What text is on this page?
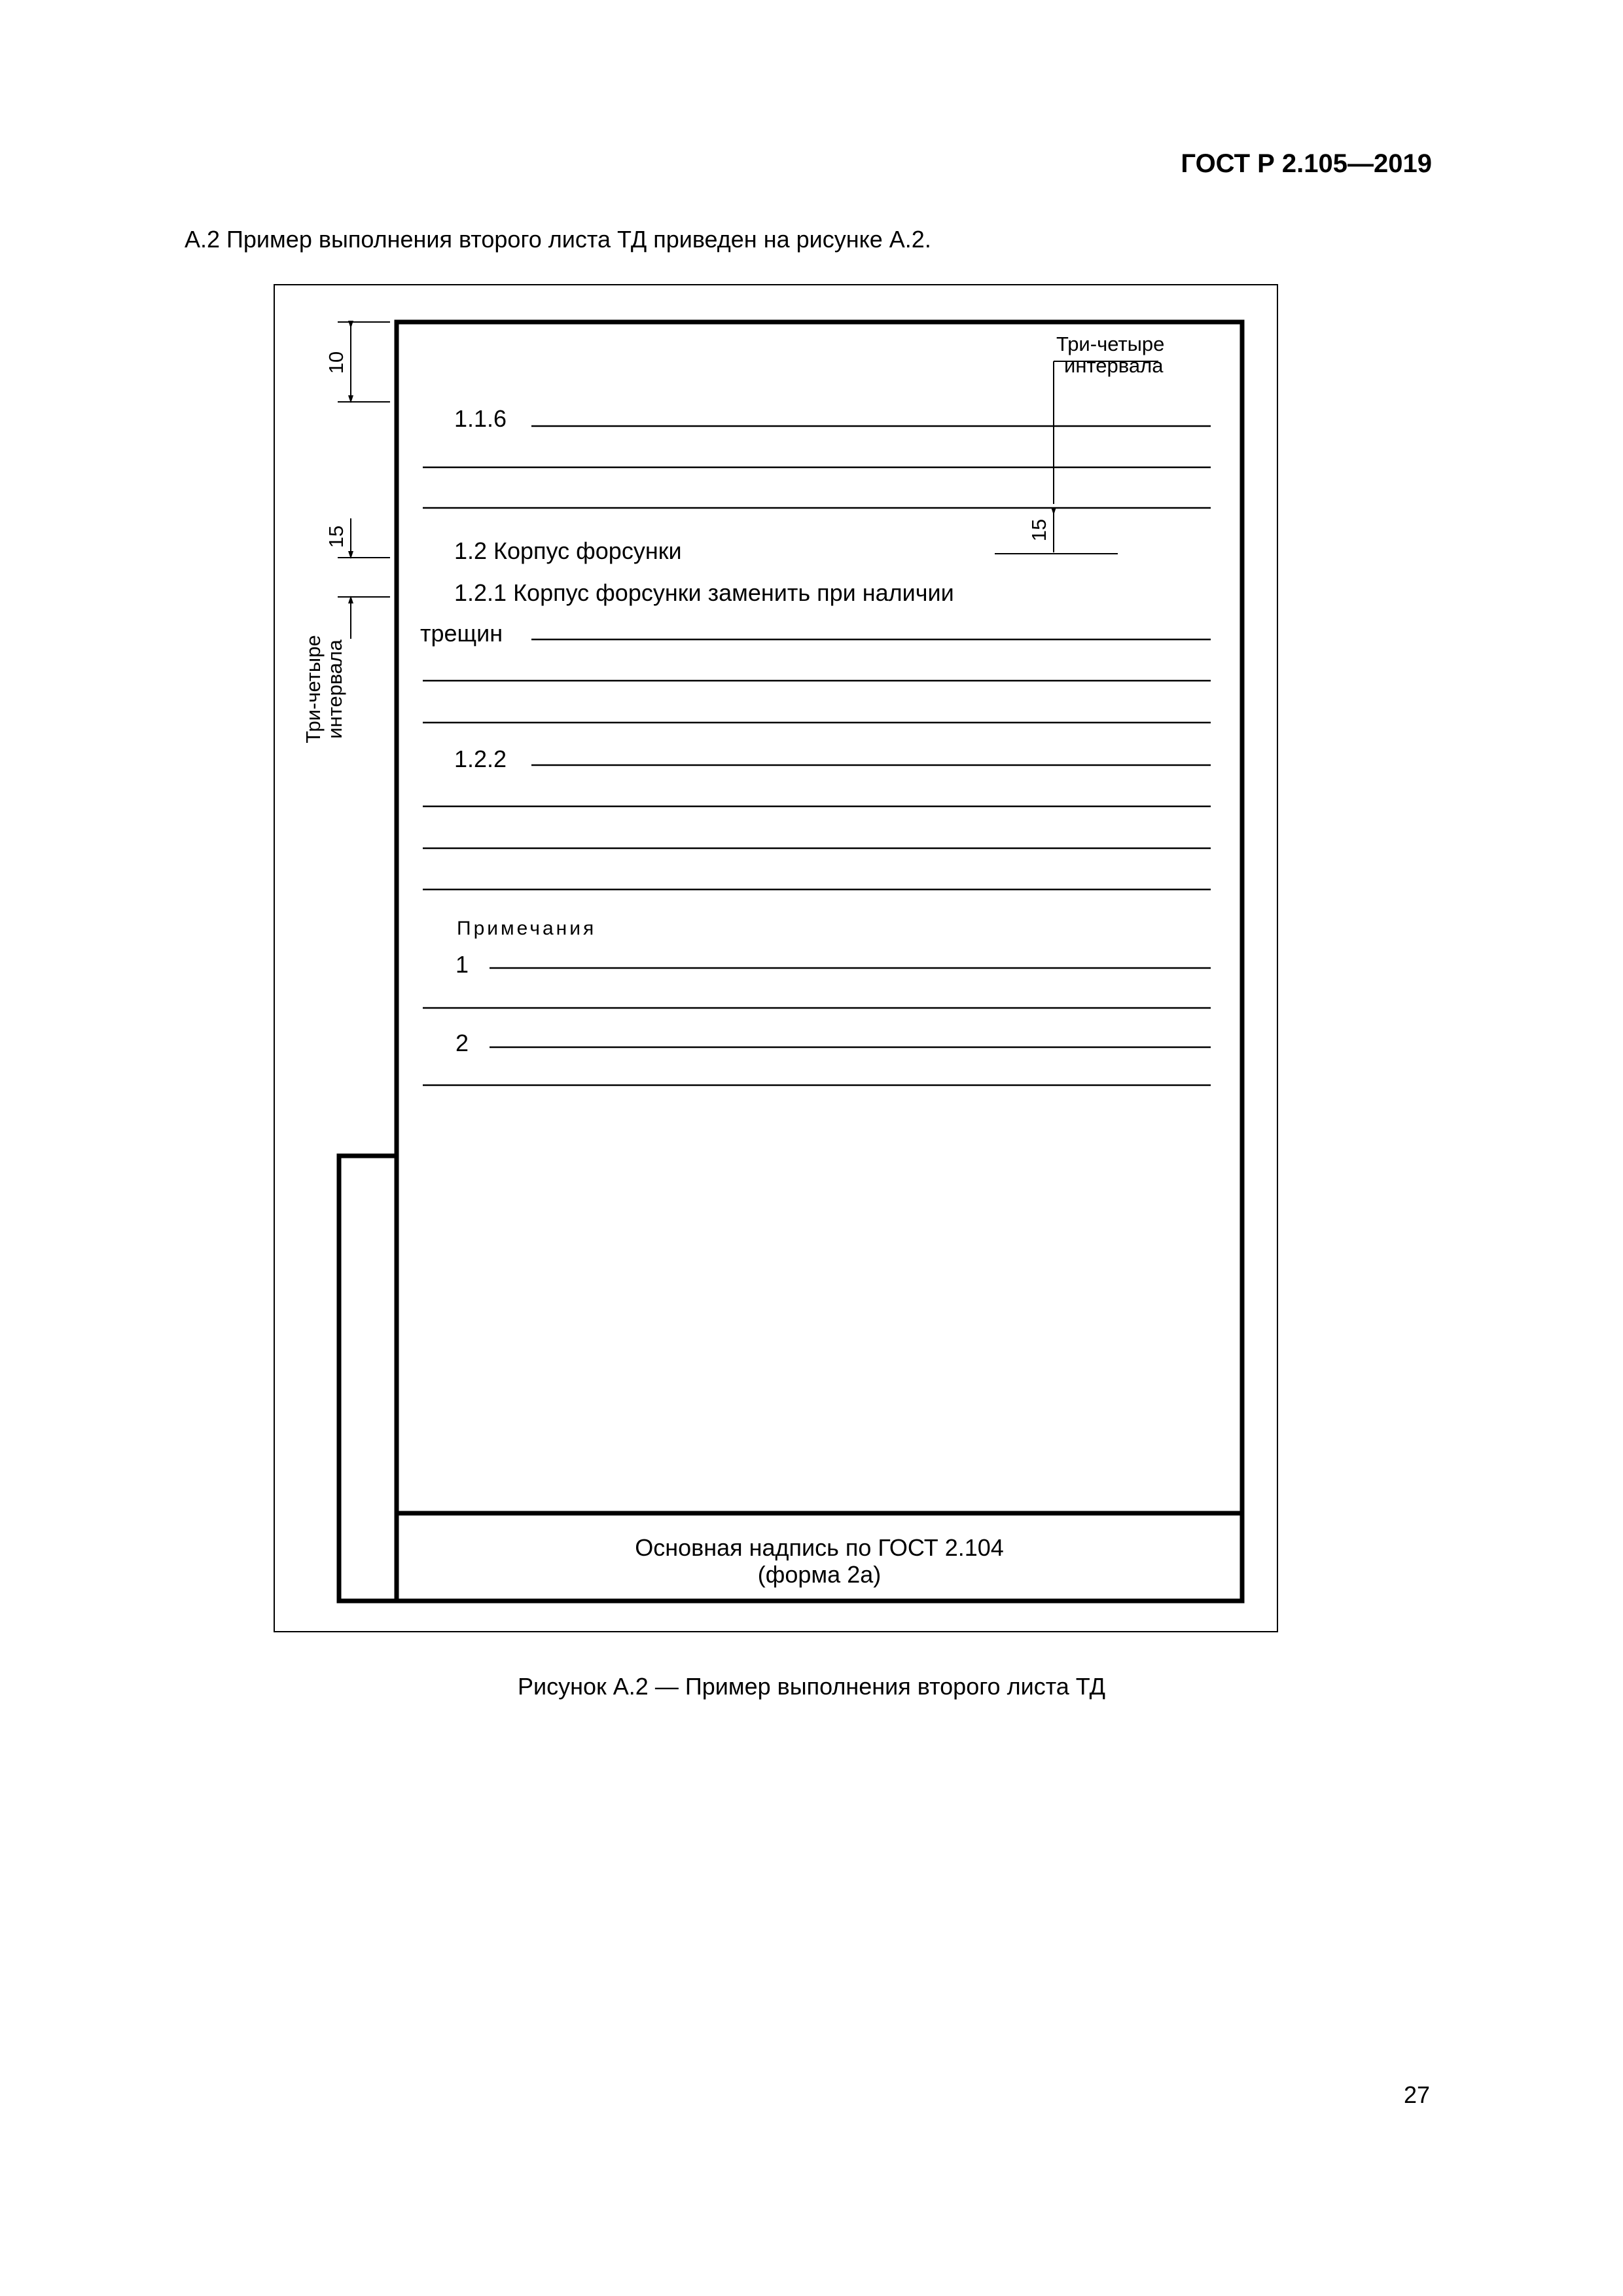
ГОСТ Р 2.105—2019
А.2 Пример выполнения второго листа ТД приведен на рисунке А.2.
Три-четыре
интервала
10
15	15
Три-четыре
интервала
1.1.6
1.2 Корпус форсунки
1.2.1 Корпус форсунки заменить при наличии
трещин
1.2.2
Примечания
1
2
Основная надпись по ГОСТ 2.104
(форма 2а)
Рисунок А.2 — Пример выполнения второго листа ТД
27
